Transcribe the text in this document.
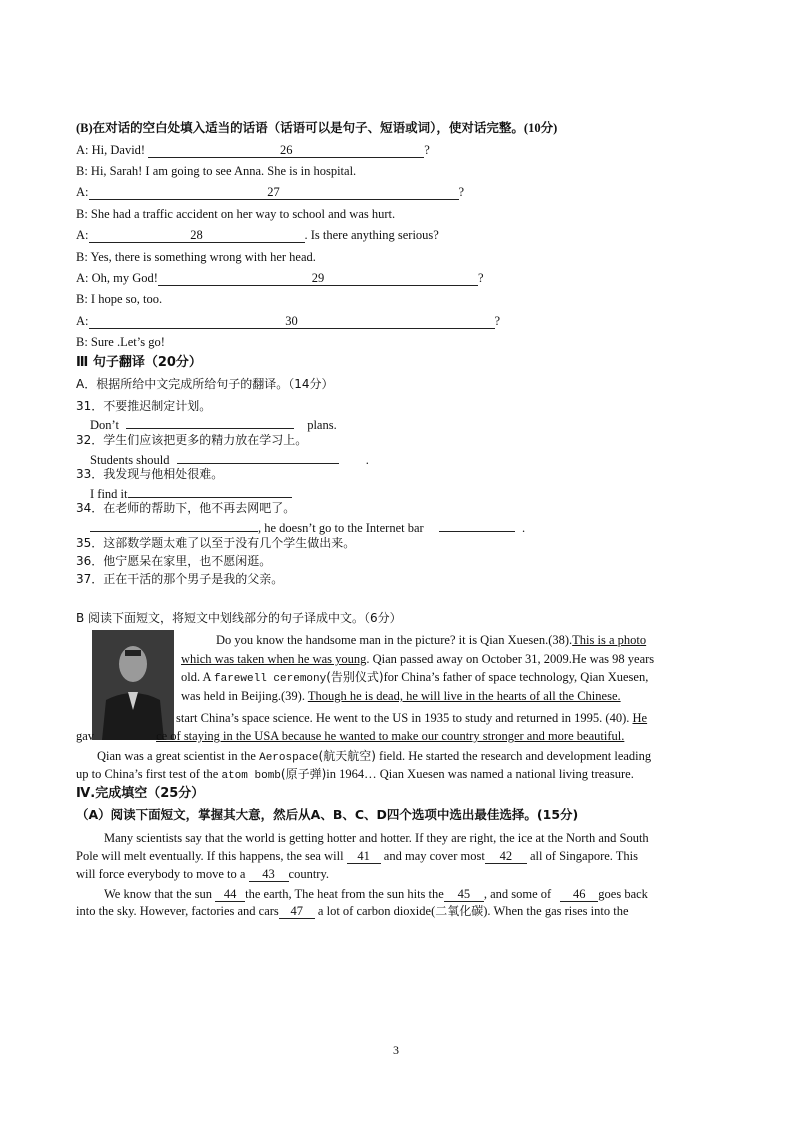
(B)在对话的空白处填入适当的话语（话语可以是句子、短语或词），使对话完整。(10分)
A: Hi, David!	26	?
B: Hi, Sarah! I am going to see Anna. She is in hospital.
A:	27	?
B: She had a traffic accident on her way to school and was hurt.
A:	28	. Is there anything serious?
B: Yes, there is something wrong with her head.
A: Oh, my God!	29	?
B: I hope so, too.
A:	30	?
B: Sure .Let’s go!
Ⅲ 句子翻译（20分）
A．根据所给中文完成所给句子的翻译。（14分）
31．不要推迟制定计划。
Don’t	plans.
32．学生们应该把更多的精力放在学习上。
Students should	.
33．我发现与他相处很难。
I find it
34．在老师的帮助下，他不再去网吧了。
, he doesn’t go to the Internet bar	.
35．这部数学题太难了以至于没有几个学生做出来。
36．他宁愿呆在家里，也不愿闲逛。
37．正在干活的那个男子是我的父亲。
B 阅读下面短文，将短文中划线部分的句子译成中文。（6分）
Do you know the handsome man in the picture? it is Qian Xuesen.(38).This is a photo
which was taken when he was young. Qian passed away on October 31, 2009.He was 98 years
old. A farewell ceremony(告别仪式)for China’s father of space technology, Qian Xuesen,
was held in Beijing.(39). Though he is dead, he will live in the hearts of all the Chinese.
start China’s space science. He went to the US in 1935 to study and returned in 1995. (40). He
gav	ce of staying in the USA because he wanted to make our country stronger and more beautiful.
Qian was a great scientist in the Aerospace(航天航空) field. He started the research and development leading
up to China’s first test of the atom bomb(原子弹)in 1964… Qian Xuesen was named a national living treasure.
Ⅳ.完成填空（25分）
（A）阅读下面短文，掌握其大意，然后从A、B、C、D四个选项中选出最佳选择。(15分)
Many scientists say that the world is getting hotter and hotter. If they are right, the ice at the North and South
Pole will melt eventually. If this happens, the sea will 41 and may cover most 42 all of Singapore. This
will force everybody to move to a 43 country.
We know that the sun 44 the earth, The heat from the sun hits the 45 , and some of 46 goes back
into the sky. However, factories and cars 47 a lot of carbon dioxide(二氧化碳). When the gas rises into the
3
